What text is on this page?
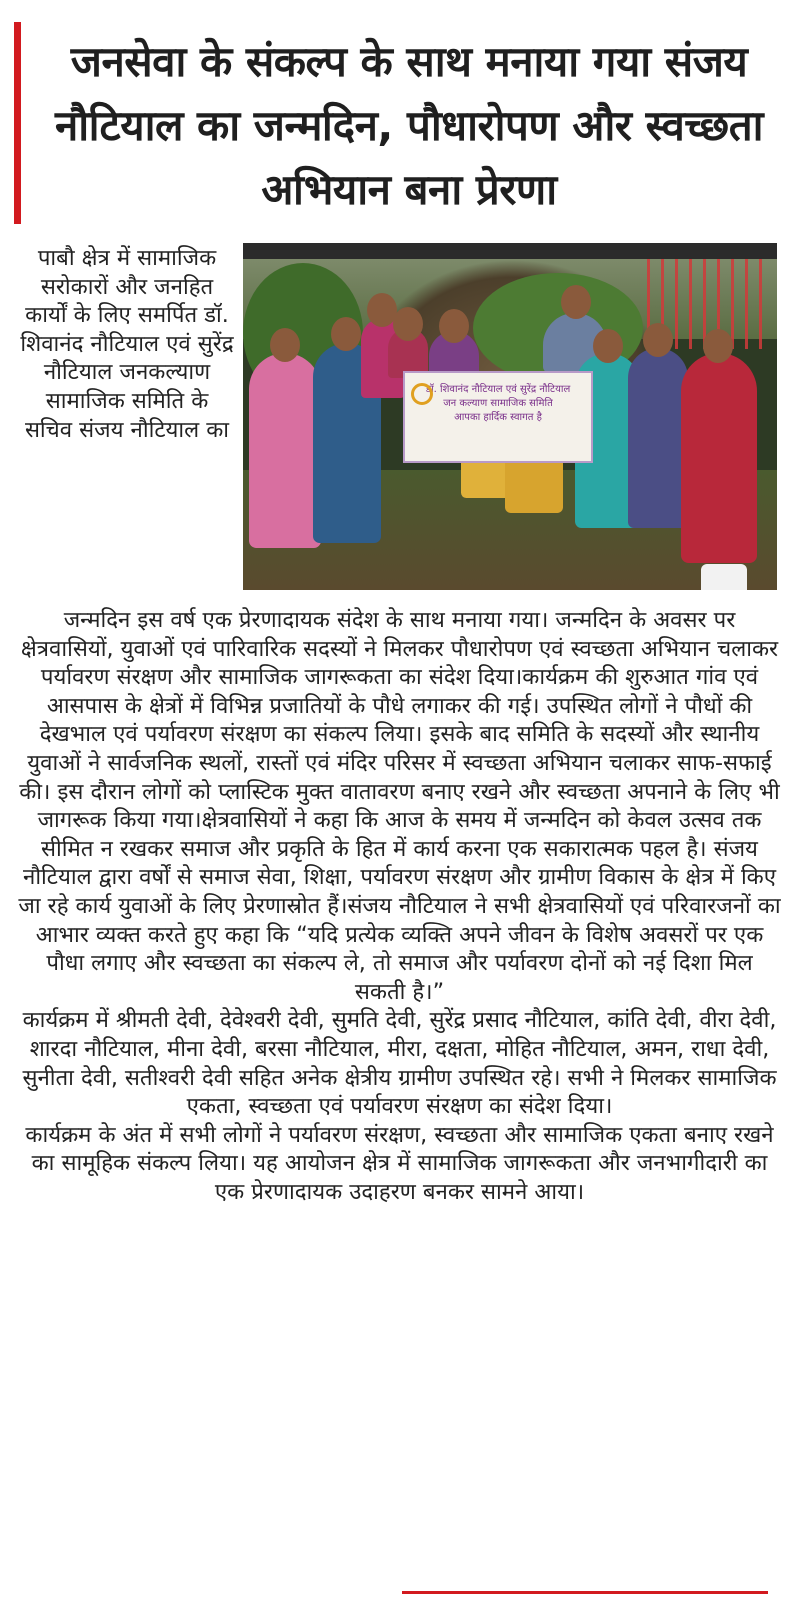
जनसेवा के संकल्प के साथ मनाया गया संजय नौटियाल का जन्मदिन, पौधारोपण और स्वच्छता अभियान बना प्रेरणा
डॉ. शिवानंद नौटियाल एवं सुरेंद्र नौटियाल
जन कल्याण सामाजिक समिति
आपका हार्दिक स्वागत है
पाबौ क्षेत्र में सामाजिक सरोकारों और जनहित कार्यों के लिए समर्पित डॉ. शिवानंद नौटियाल एवं सुरेंद्र नौटियाल जनकल्याण सामाजिक समिति के सचिव संजय नौटियाल का
जन्मदिन इस वर्ष एक प्रेरणादायक संदेश के साथ मनाया गया। जन्मदिन के अवसर पर क्षेत्रवासियों, युवाओं एवं पारिवारिक सदस्यों ने मिलकर पौधारोपण एवं स्वच्छता अभियान चलाकर पर्यावरण संरक्षण और सामाजिक जागरूकता का संदेश दिया।कार्यक्रम की शुरुआत गांव एवं आसपास के क्षेत्रों में विभिन्न प्रजातियों के पौधे लगाकर की गई। उपस्थित लोगों ने पौधों की देखभाल एवं पर्यावरण संरक्षण का संकल्प लिया। इसके बाद समिति के सदस्यों और स्थानीय युवाओं ने सार्वजनिक स्थलों, रास्तों एवं मंदिर परिसर में स्वच्छता अभियान चलाकर साफ-सफाई की। इस दौरान लोगों को प्लास्टिक मुक्त वातावरण बनाए रखने और स्वच्छता अपनाने के लिए भी जागरूक किया गया।क्षेत्रवासियों ने कहा कि आज के समय में जन्मदिन को केवल उत्सव तक सीमित न रखकर समाज और प्रकृति के हित में कार्य करना एक सकारात्मक पहल है। संजय नौटियाल द्वारा वर्षों से समाज सेवा, शिक्षा, पर्यावरण संरक्षण और ग्रामीण विकास के क्षेत्र में किए जा रहे कार्य युवाओं के लिए प्रेरणास्रोत हैं।संजय नौटियाल ने सभी क्षेत्रवासियों एवं परिवारजनों का आभार व्यक्त करते हुए कहा कि “यदि प्रत्येक व्यक्ति अपने जीवन के विशेष अवसरों पर एक पौधा लगाए और स्वच्छता का संकल्प ले, तो समाज और पर्यावरण दोनों को नई दिशा मिल सकती है।”
कार्यक्रम में श्रीमती देवी, देवेश्वरी देवी, सुमति देवी, सुरेंद्र प्रसाद नौटियाल, कांति देवी, वीरा देवी, शारदा नौटियाल, मीना देवी, बरसा नौटियाल, मीरा, दक्षता, मोहित नौटियाल, अमन, राधा देवी, सुनीता देवी, सतीश्वरी देवी सहित अनेक क्षेत्रीय ग्रामीण उपस्थित रहे। सभी ने मिलकर सामाजिक एकता, स्वच्छता एवं पर्यावरण संरक्षण का संदेश दिया।
कार्यक्रम के अंत में सभी लोगों ने पर्यावरण संरक्षण, स्वच्छता और सामाजिक एकता बनाए रखने का सामूहिक संकल्प लिया। यह आयोजन क्षेत्र में सामाजिक जागरूकता और जनभागीदारी का एक प्रेरणादायक उदाहरण बनकर सामने आया।
